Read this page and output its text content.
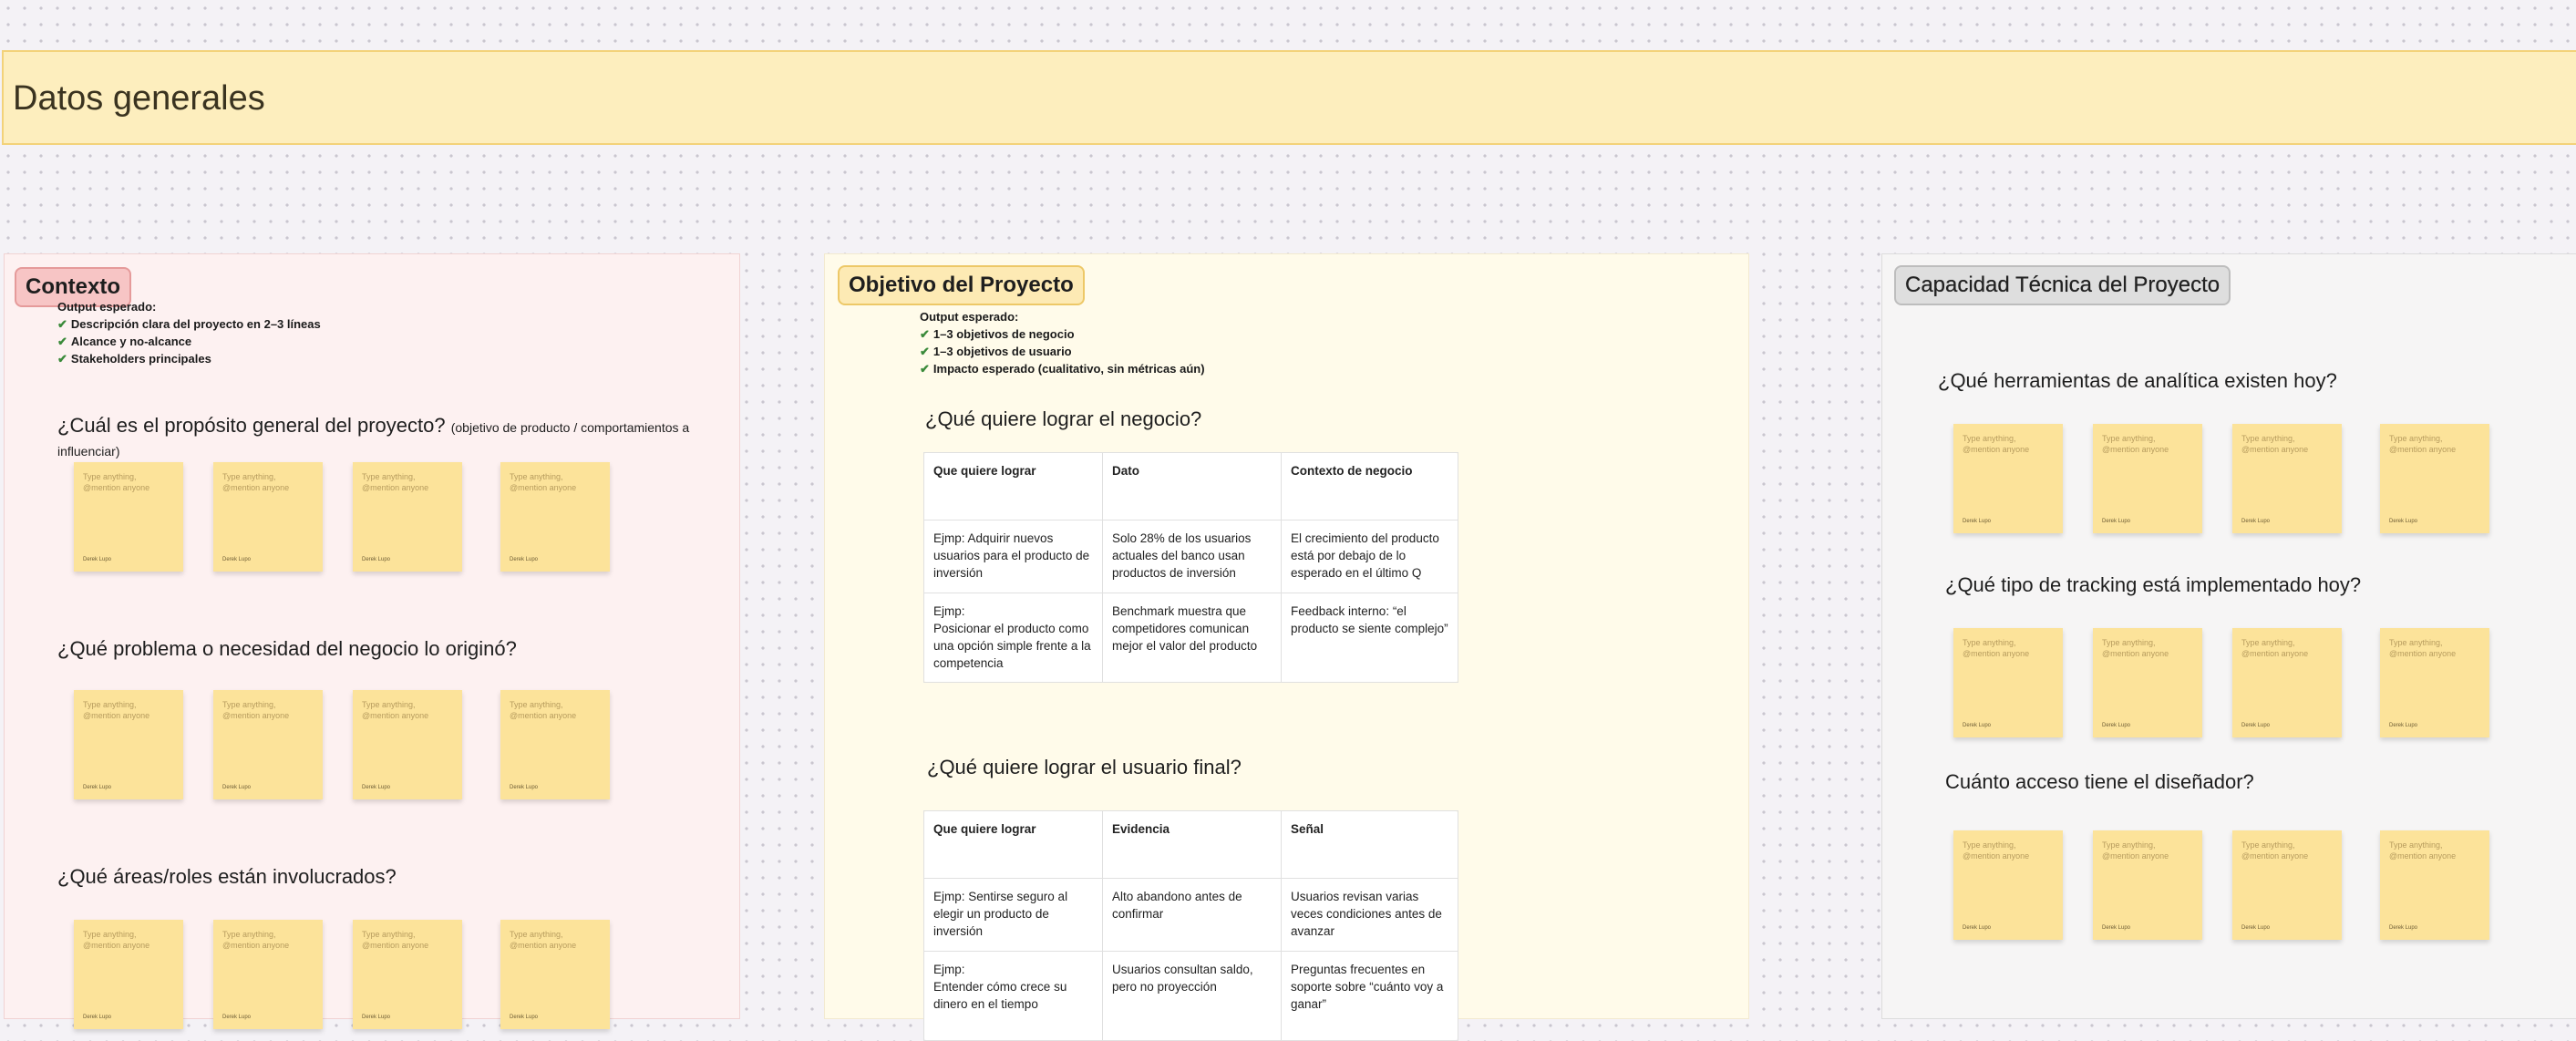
Datos generales
Contexto
Output esperado:
✔ Descripción clara del proyecto en 2–3 líneas
✔ Alcance y no-alcance
✔ Stakeholders principales
¿Cuál es el propósito general del proyecto? (objetivo de producto / comportamientos a influenciar)
Type anything, @mention anyone
Derek Lupo
Type anything, @mention anyone
Derek Lupo
Type anything, @mention anyone
Derek Lupo
Type anything, @mention anyone
Derek Lupo
¿Qué problema o necesidad del negocio lo originó?
Type anything, @mention anyone
Derek Lupo
Type anything, @mention anyone
Derek Lupo
Type anything, @mention anyone
Derek Lupo
Type anything, @mention anyone
Derek Lupo
¿Qué áreas/roles están involucrados?
Type anything, @mention anyone
Derek Lupo
Type anything, @mention anyone
Derek Lupo
Type anything, @mention anyone
Derek Lupo
Type anything, @mention anyone
Derek Lupo
Objetivo del Proyecto
Output esperado:
✔ 1–3 objetivos de negocio
✔ 1–3 objetivos de usuario
✔ Impacto esperado (cualitativo, sin métricas aún)
¿Qué quiere lograr el negocio?
Que quiere lograr	Dato	Contexto de negocio
Ejmp: Adquirir nuevos usuarios para el producto de inversión	Solo 28% de los usuarios actuales del banco usan productos de inversión	El crecimiento del producto está por debajo de lo esperado en el último Q
Ejmp:
Posicionar el producto como una opción simple frente a la competencia	Benchmark muestra que competidores comunican mejor el valor del producto	Feedback interno: “el producto se siente complejo”
¿Qué quiere lograr el usuario final?
Que quiere lograr	Evidencia	Señal
Ejmp: Sentirse seguro al elegir un producto de inversión	Alto abandono antes de confirmar	Usuarios revisan varias veces condiciones antes de avanzar
Ejmp:
Entender cómo crece su dinero en el tiempo	Usuarios consultan saldo, pero no proyección	Preguntas frecuentes en soporte sobre “cuánto voy a ganar”
Capacidad Técnica del Proyecto
¿Qué herramientas de analítica existen hoy?
Type anything, @mention anyone
Derek Lupo
Type anything, @mention anyone
Derek Lupo
Type anything, @mention anyone
Derek Lupo
Type anything, @mention anyone
Derek Lupo
¿Qué tipo de tracking está implementado hoy?
Type anything, @mention anyone
Derek Lupo
Type anything, @mention anyone
Derek Lupo
Type anything, @mention anyone
Derek Lupo
Type anything, @mention anyone
Derek Lupo
Cuánto acceso tiene el diseñador?
Type anything, @mention anyone
Derek Lupo
Type anything, @mention anyone
Derek Lupo
Type anything, @mention anyone
Derek Lupo
Type anything, @mention anyone
Derek Lupo
